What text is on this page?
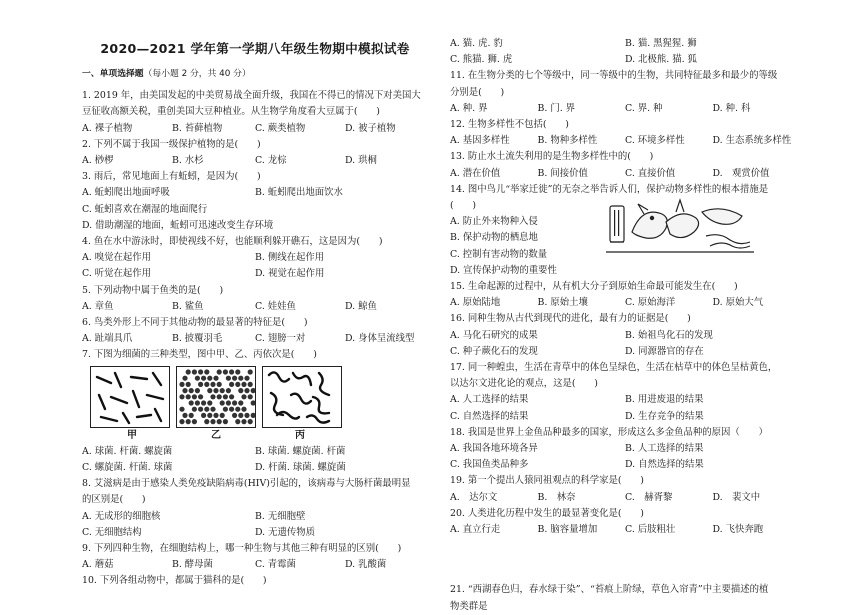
2020—2021 学年第一学期八年级生物期中模拟试卷
一、单项选择题（每小题 2 分，共 40 分）
1. 2019 年，由美国发起的中美贸易战全面升级，我国在不得已的情况下对美国大
豆征收高额关税，重创美国大豆种植业。从生物学角度看大豆属于(　　)
A. 裸子植物	B. 苔藓植物	C. 蕨类植物	D. 被子植物
2. 下列不属于我国一级保护植物的是(　　)
A. 桫椤	B. 水杉	C. 龙棕	D. 珙桐
3. 雨后，常见地面上有蚯蚓，是因为(　　)
A. 蚯蚓爬出地面呼吸	B. 蚯蚓爬出地面饮水
C. 蚯蚓喜欢在潮湿的地面爬行
D. 借助潮湿的地面，蚯蚓可迅速改变生存环境
4. 鱼在水中游泳时，即使视线不好，也能顺利躲开礁石，这是因为(　　)
A. 嗅觉在起作用	B. 侧线在起作用
C. 听觉在起作用	D. 视觉在起作用
5. 下列动物中属于鱼类的是(　　)
A. 章鱼	B. 鲨鱼	C. 娃娃鱼	D. 鲸鱼
6. 鸟类外形上不同于其他动物的最显著的特征是(　　)
A. 趾端具爪	B. 披覆羽毛	C. 翅膀一对	D. 身体呈流线型
7. 下图为细菌的三种类型，图中甲、乙、丙依次是(　　)
甲	乙	丙
A. 球菌. 杆菌. 螺旋菌	B. 球菌. 螺旋菌. 杆菌
C. 螺旋菌. 杆菌. 球菌	D. 杆菌. 球菌. 螺旋菌
8. 艾滋病是由于感染人类免疫缺陷病毒(HIV)引起的，该病毒与大肠杆菌最明显
的区别是(　　)
A. 无成形的细胞核	B. 无细胞壁
C. 无细胞结构	D. 无遗传物质
9. 下列四种生物，在细胞结构上，哪一种生物与其他三种有明显的区别(　　)
A. 蘑菇	B. 酵母菌	C. 青霉菌	D. 乳酸菌
10. 下列各组动物中，都属于猫科的是(　　)
A. 猫. 虎. 豹	B. 猫. 黑猩猩. 狮
C. 熊猫. 狮. 虎	D. 北极熊. 猫. 狐
11. 在生物分类的七个等级中，同一等级中的生物，共同特征最多和最少的等级
分别是(　　)
A. 种. 界	B. 门. 界	C. 界. 种	D. 种. 科
12. 生物多样性不包括(　　)
A. 基因多样性	B. 物种多样性	C. 环境多样性	D. 生态系统多样性
13. 防止水土流失利用的是生物多样性中的(　　)
A. 潜在价值	B. 间接价值	C. 直接价值	D.　观赏价值
14. 图中鸟儿“举家迁徙”的无奈之举告诉人们，保护动物多样性的根本措施是
(　　)
A. 防止外来物种入侵
B. 保护动物的栖息地
C. 控制有害动物的数量
D. 宣传保护动物的重要性
15. 生命起源的过程中，从有机大分子到原始生命最可能发生在(　　)
A. 原始陆地	B. 原始土壤	C. 原始海洋	D. 原始大气
16. 同种生物从古代到现代的进化，最有力的证据是(　　)
A. 马化石研究的成果	B. 始祖鸟化石的发现
C. 种子蕨化石的发现	D. 同源器官的存在
17. 同一种蝗虫，生活在青草中的体色呈绿色，生活在枯草中的体色呈枯黄色，
以达尔文进化论的观点，这是(　　)
A. 人工选择的结果	B. 用进废退的结果
C. 自然选择的结果	D. 生存竞争的结果
18. 我国是世界上金鱼品种最多的国家，形成这么多金鱼品种的原因（　　）
A. 我国各地环境各异	B. 人工选择的结果
C. 我国鱼类品种多	D. 自然选择的结果
19. 第一个提出人猿同祖观点的科学家是(　　)
A.　达尔文	B.　林奈	C.　赫胥黎	D.　裴文中
20. 人类进化历程中发生的最显著变化是(　　)
A. 直立行走	B. 脑容量增加	C. 后肢粗壮	D. 飞快奔跑
21. “西湖春色归，春水绿于染”、“苔痕上阶绿，草色入帘青”中主要描述的植
物类群是
